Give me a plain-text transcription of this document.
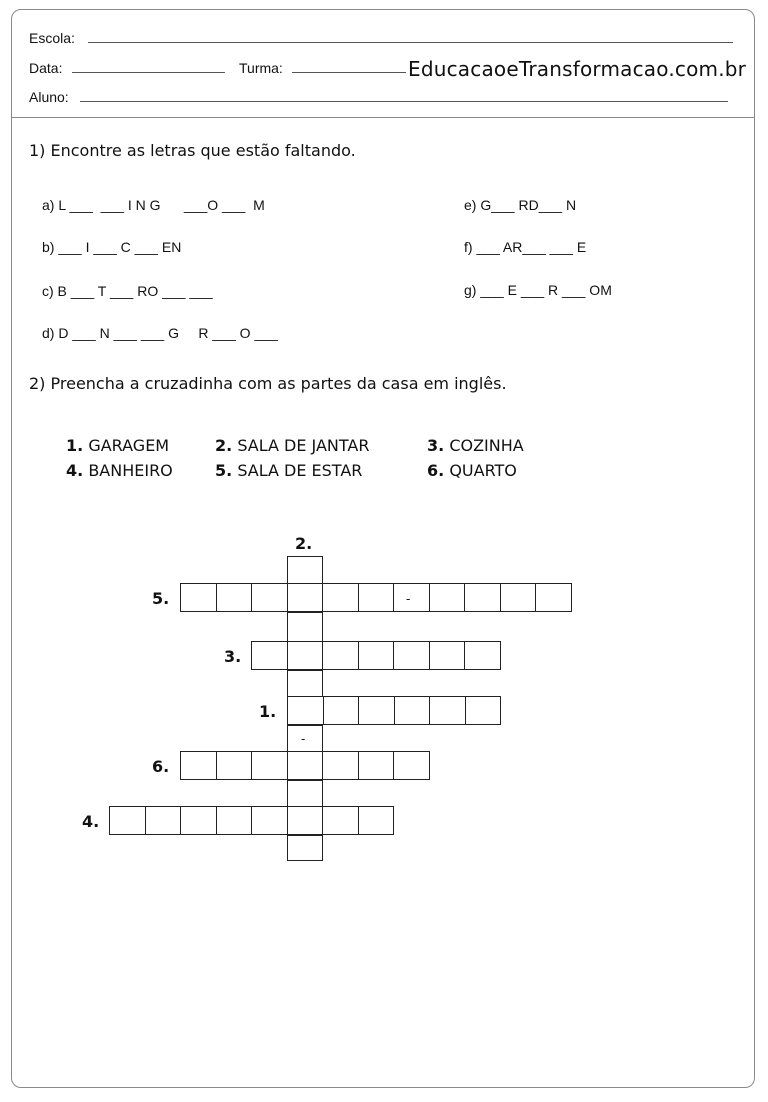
Escola:
Data:	Turma:	EducacaoeTransformacao.com.br
Aluno:
1) Encontre as letras que estão faltando.
a) L ___  ___ I N G      ___O ___  M
b) ___ I ___ C ___ EN
c) B ___ T ___ RO ___ ___
d) D ___ N ___ ___ G     R ___ O ___
e) G___ RD___ N
f) ___ AR___ ___ E
g) ___ E ___ R ___ OM
2) Preencha a cruzadinha com as partes da casa em inglês.
1. GARAGEM	2. SALA DE JANTAR	3. COZINHA
4. BANHEIRO	5. SALA DE ESTAR	6. QUARTO
2.
5.
3.
1.
6.
4.
-
-
